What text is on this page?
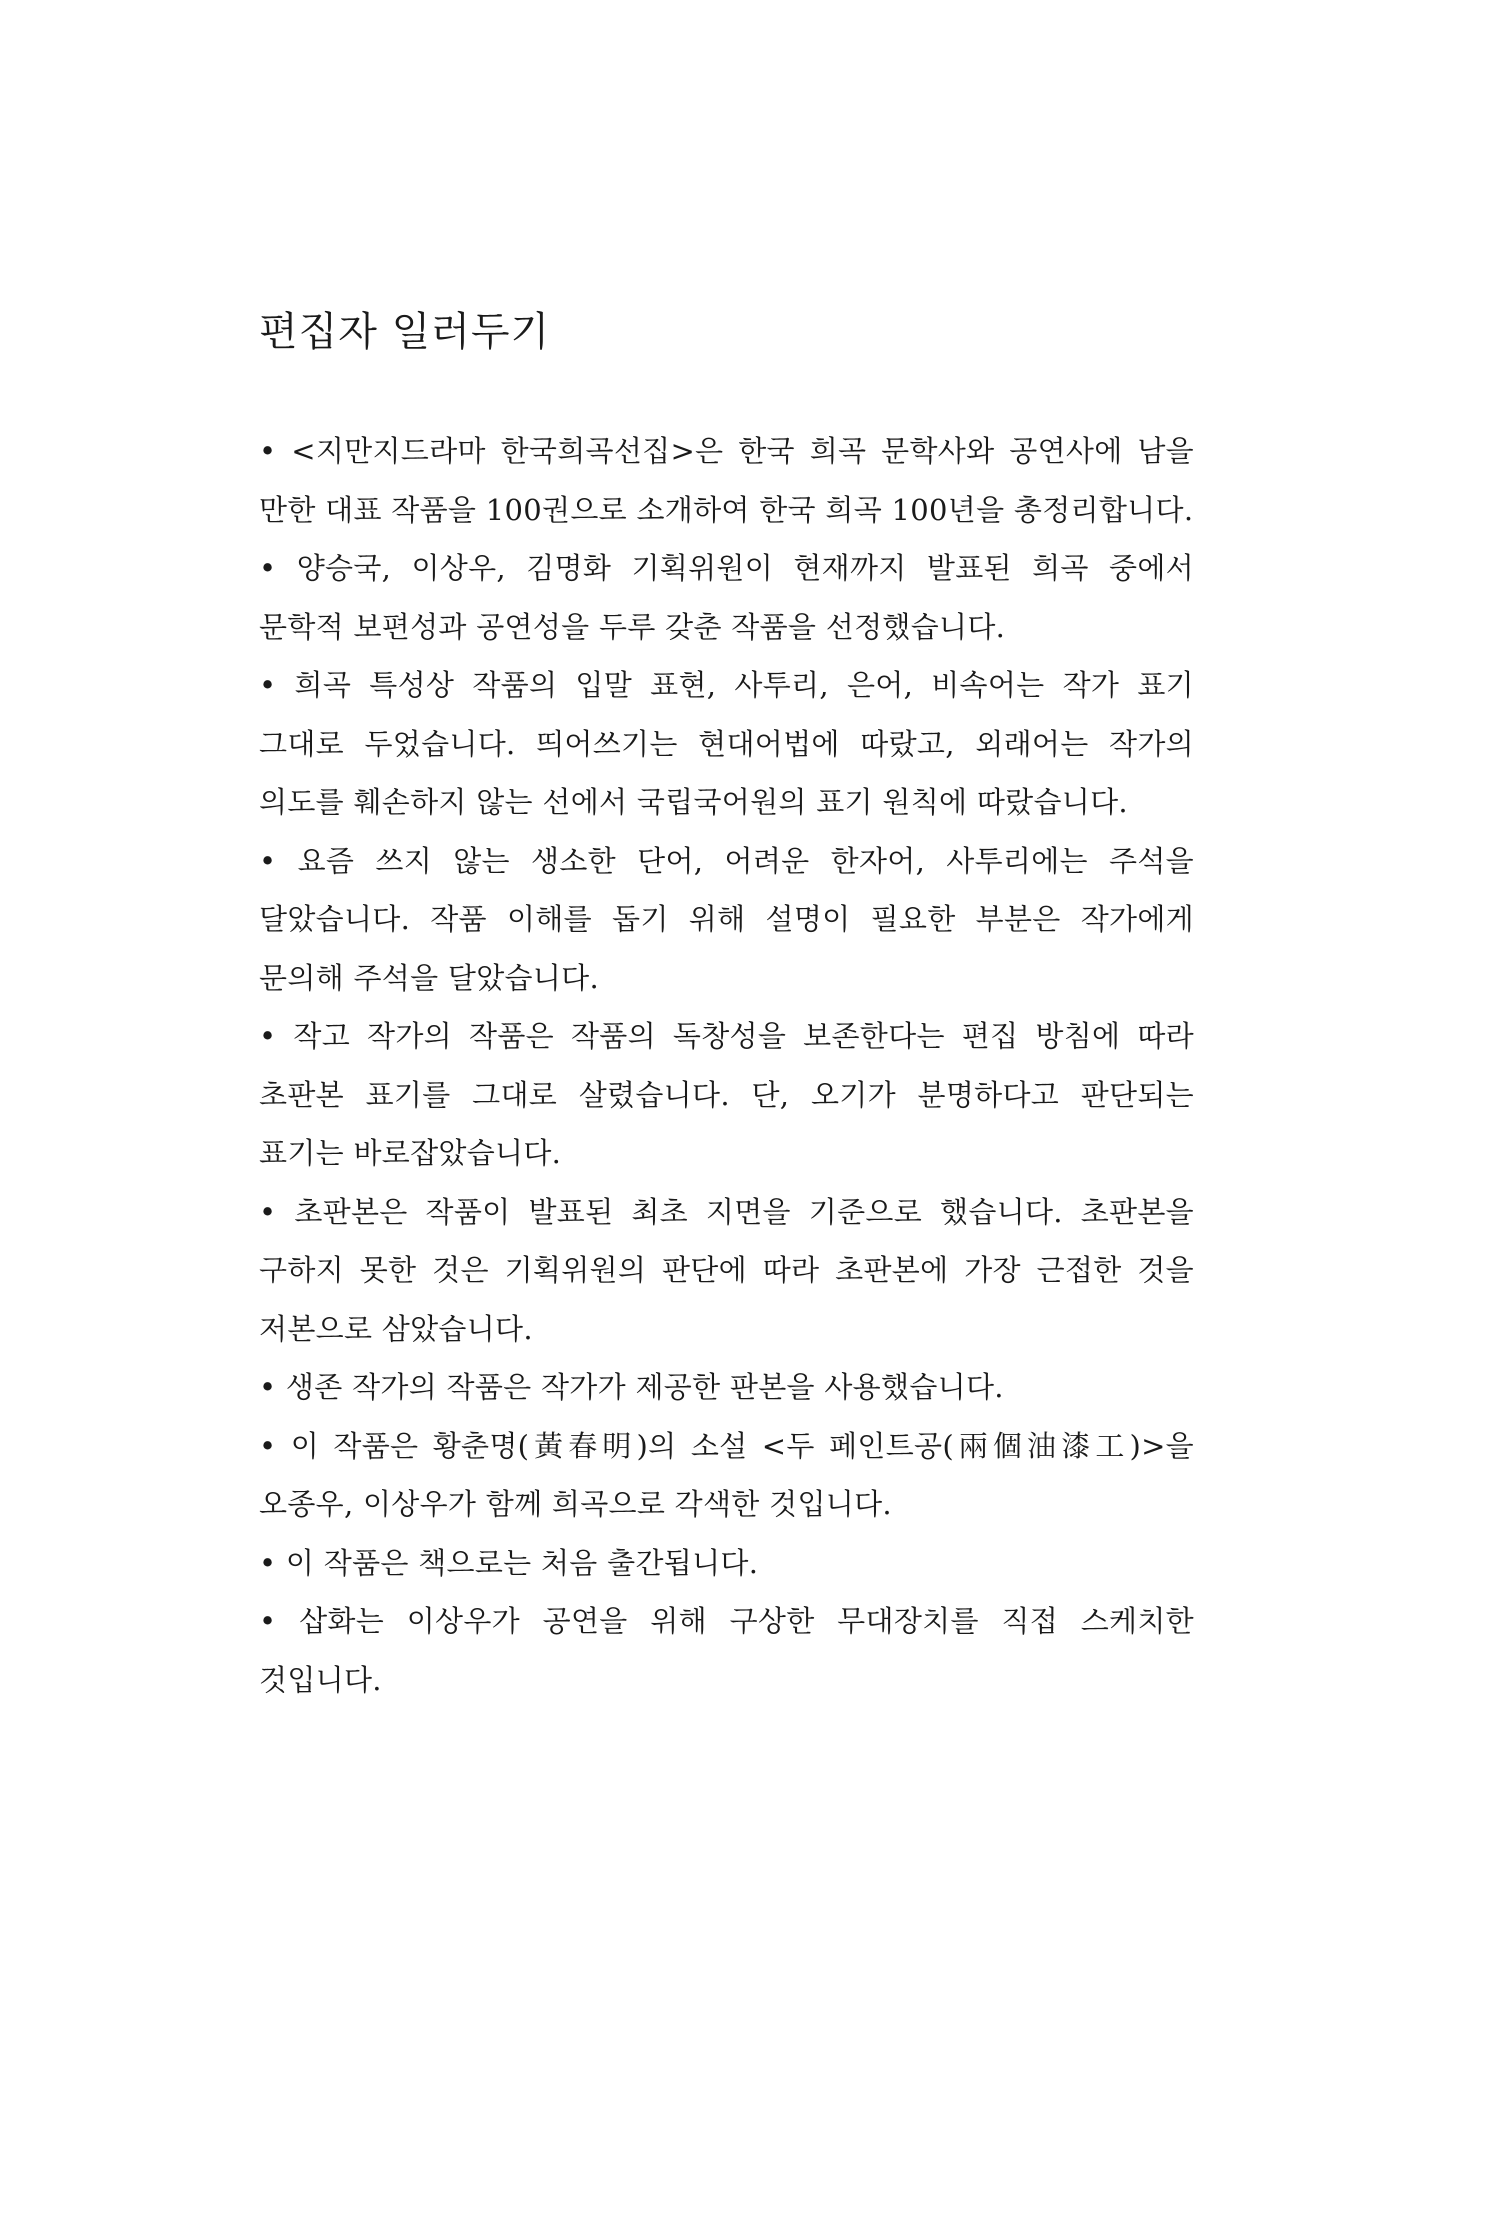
편집자 일러두기
• <지만지드라마 한국희곡선집>은 한국 희곡 문학사와 공연사에 남을 만한 대표 작품을 100권으로 소개하여 한국 희곡 100년을 총정리합니다.
• 양승국, 이상우, 김명화 기획위원이 현재까지 발표된 희곡 중에서 문학적 보편성과 공연성을 두루 갖춘 작품을 선정했습니다.
• 희곡 특성상 작품의 입말 표현, 사투리, 은어, 비속어는 작가 표기 그대로 두었습니다. 띄어쓰기는 현대어법에 따랐고, 외래어는 작가의 의도를 훼손하지 않는 선에서 국립국어원의 표기 원칙에 따랐습니다.
• 요즘 쓰지 않는 생소한 단어, 어려운 한자어, 사투리에는 주석을 달았습니다. 작품 이해를 돕기 위해 설명이 필요한 부분은 작가에게 문의해 주석을 달았습니다.
• 작고 작가의 작품은 작품의 독창성을 보존한다는 편집 방침에 따라 초판본 표기를 그대로 살렸습니다. 단, 오기가 분명하다고 판단되는 표기는 바로잡았습니다.
• 초판본은 작품이 발표된 최초 지면을 기준으로 했습니다. 초판본을 구하지 못한 것은 기획위원의 판단에 따라 초판본에 가장 근접한 것을 저본으로 삼았습니다.
• 생존 작가의 작품은 작가가 제공한 판본을 사용했습니다.
• 이 작품은 황춘명(黃春明)의 소설 <두 페인트공(兩個油漆工)>을 오종우, 이상우가 함께 희곡으로 각색한 것입니다.
• 이 작품은 책으로는 처음 출간됩니다.
• 삽화는 이상우가 공연을 위해 구상한 무대장치를 직접 스케치한 것입니다.
